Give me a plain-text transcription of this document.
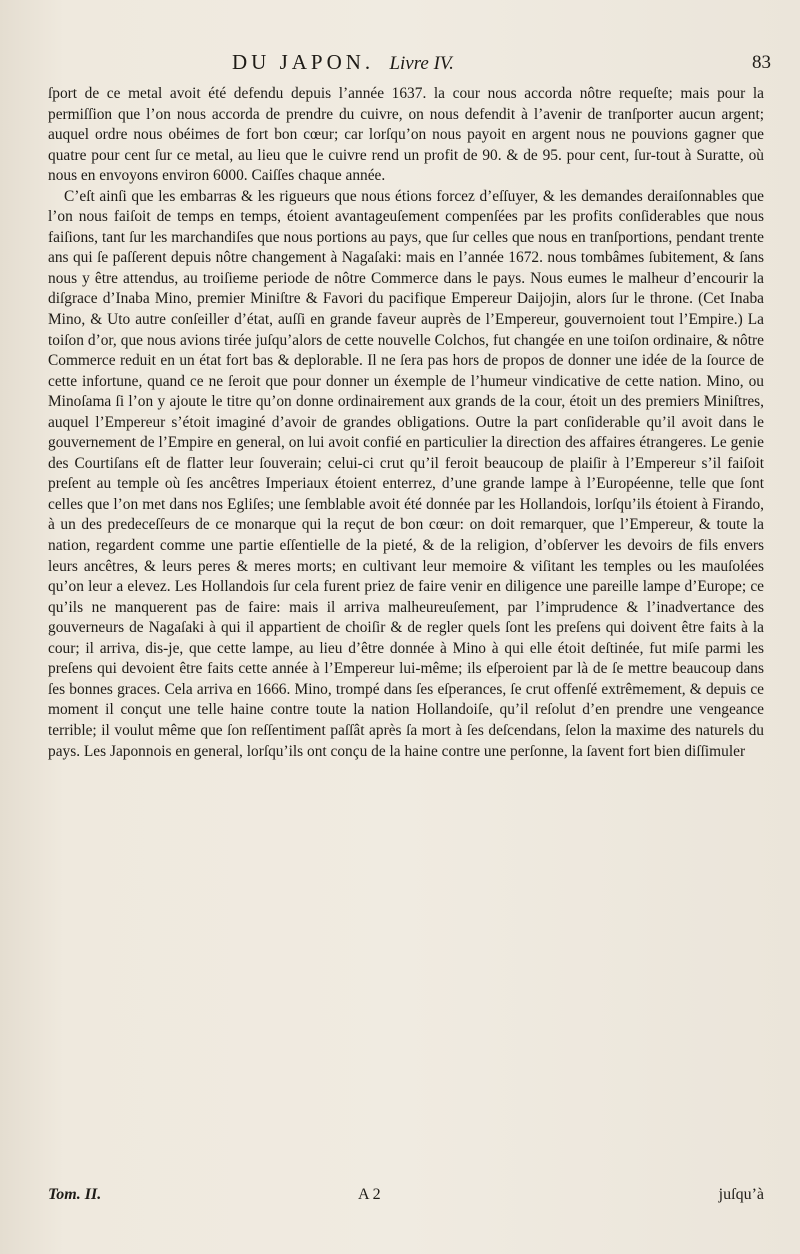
DU JAPON. Livre IV.	83

ſport de ce metal avoit été defendu depuis l’année 1637. la cour nous accorda nôtre requeſte; mais pour la permiſſion que l’on nous accorda de prendre du cuivre, on nous defendit à l’avenir de tranſporter aucun argent; auquel ordre nous obéimes de fort bon cœur; car lorſqu’on nous payoit en argent nous ne pouvions gagner que quatre pour cent ſur ce metal, au lieu que le cuivre rend un profit de 90. & de 95. pour cent, ſur-tout à Suratte, où nous en envoyons environ 6000. Caiſſes chaque année.

C’eſt ainſi que les embarras & les rigueurs que nous étions forcez d’eſſuyer, & les demandes deraiſonnables que l’on nous faiſoit de temps en temps, étoient avantageuſement compenſées par les profits conſiderables que nous faiſions, tant ſur les marchandiſes que nous portions au pays, que ſur celles que nous en tranſportions, pendant trente ans qui ſe paſſerent depuis nôtre changement à Nagaſaki: mais en l’année 1672. nous tombâmes ſubitement, & ſans nous y être attendus, au troiſieme periode de nôtre Commerce dans le pays. Nous eumes le malheur d’encourir la diſgrace d’Inaba Mino, premier Miniſtre & Favori du pacifique Empereur Daijojin, alors ſur le throne. (Cet Inaba Mino, & Uto autre conſeiller d’état, auſſi en grande faveur auprès de l’Empereur, gouvernoient tout l’Empire.) La toiſon d’or, que nous avions tirée juſqu’alors de cette nouvelle Colchos, fut changée en une toiſon ordinaire, & nôtre Commerce reduit en un état fort bas & deplorable. Il ne ſera pas hors de propos de donner une idée de la ſource de cette infortune, quand ce ne ſeroit que pour donner un éxemple de l’humeur vindicative de cette nation. Mino, ou Minoſama ſi l’on y ajoute le titre qu’on donne ordinairement aux grands de la cour, étoit un des premiers Miniſtres, auquel l’Empereur s’étoit imaginé d’avoir de grandes obligations. Outre la part conſiderable qu’il avoit dans le gouvernement de l’Empire en general, on lui avoit confié en particulier la direction des affaires étrangeres. Le genie des Courtiſans eſt de flatter leur ſouverain; celui-ci crut qu’il feroit beaucoup de plaiſir à l’Empereur s’il faiſoit preſent au temple où ſes ancêtres Imperiaux étoient enterrez, d’une grande lampe à l’Européenne, telle que ſont celles que l’on met dans nos Egliſes; une ſemblable avoit été donnée par les Hollandois, lorſqu’ils étoient à Firando, à un des predeceſſeurs de ce monarque qui la reçut de bon cœur: on doit remarquer, que l’Empereur, & toute la nation, regardent comme une partie eſſentielle de la pieté, & de la religion, d’obſerver les devoirs de fils envers leurs ancêtres, & leurs peres & meres morts; en cultivant leur memoire & viſitant les temples ou les mauſolées qu’on leur a elevez. Les Hollandois ſur cela furent priez de faire venir en diligence une pareille lampe d’Europe; ce qu’ils ne manquerent pas de faire: mais il arriva malheureuſement, par l’imprudence & l’inadvertance des gouverneurs de Nagaſaki à qui il appartient de choiſir & de regler quels ſont les preſens qui doivent être faits à la cour; il arriva, dis-je, que cette lampe, au lieu d’être donnée à Mino à qui elle étoit deſtinée, fut miſe parmi les preſens qui devoient être faits cette année à l’Empereur lui-même; ils eſperoient par là de ſe mettre beaucoup dans ſes bonnes graces. Cela arriva en 1666. Mino, trompé dans ſes eſperances, ſe crut offenſé extrêmement, & depuis ce moment il conçut une telle haine contre toute la nation Hollandoiſe, qu’il reſolut d’en prendre une vengeance terrible; il voulut même que ſon reſſentiment paſſât après ſa mort à ſes deſcendans, ſelon la maxime des naturels du pays. Les Japonnois en general, lorſqu’ils ont conçu de la haine contre une perſonne, la ſavent fort bien diſſimuler

Tom. II.	A 2	juſqu’à
